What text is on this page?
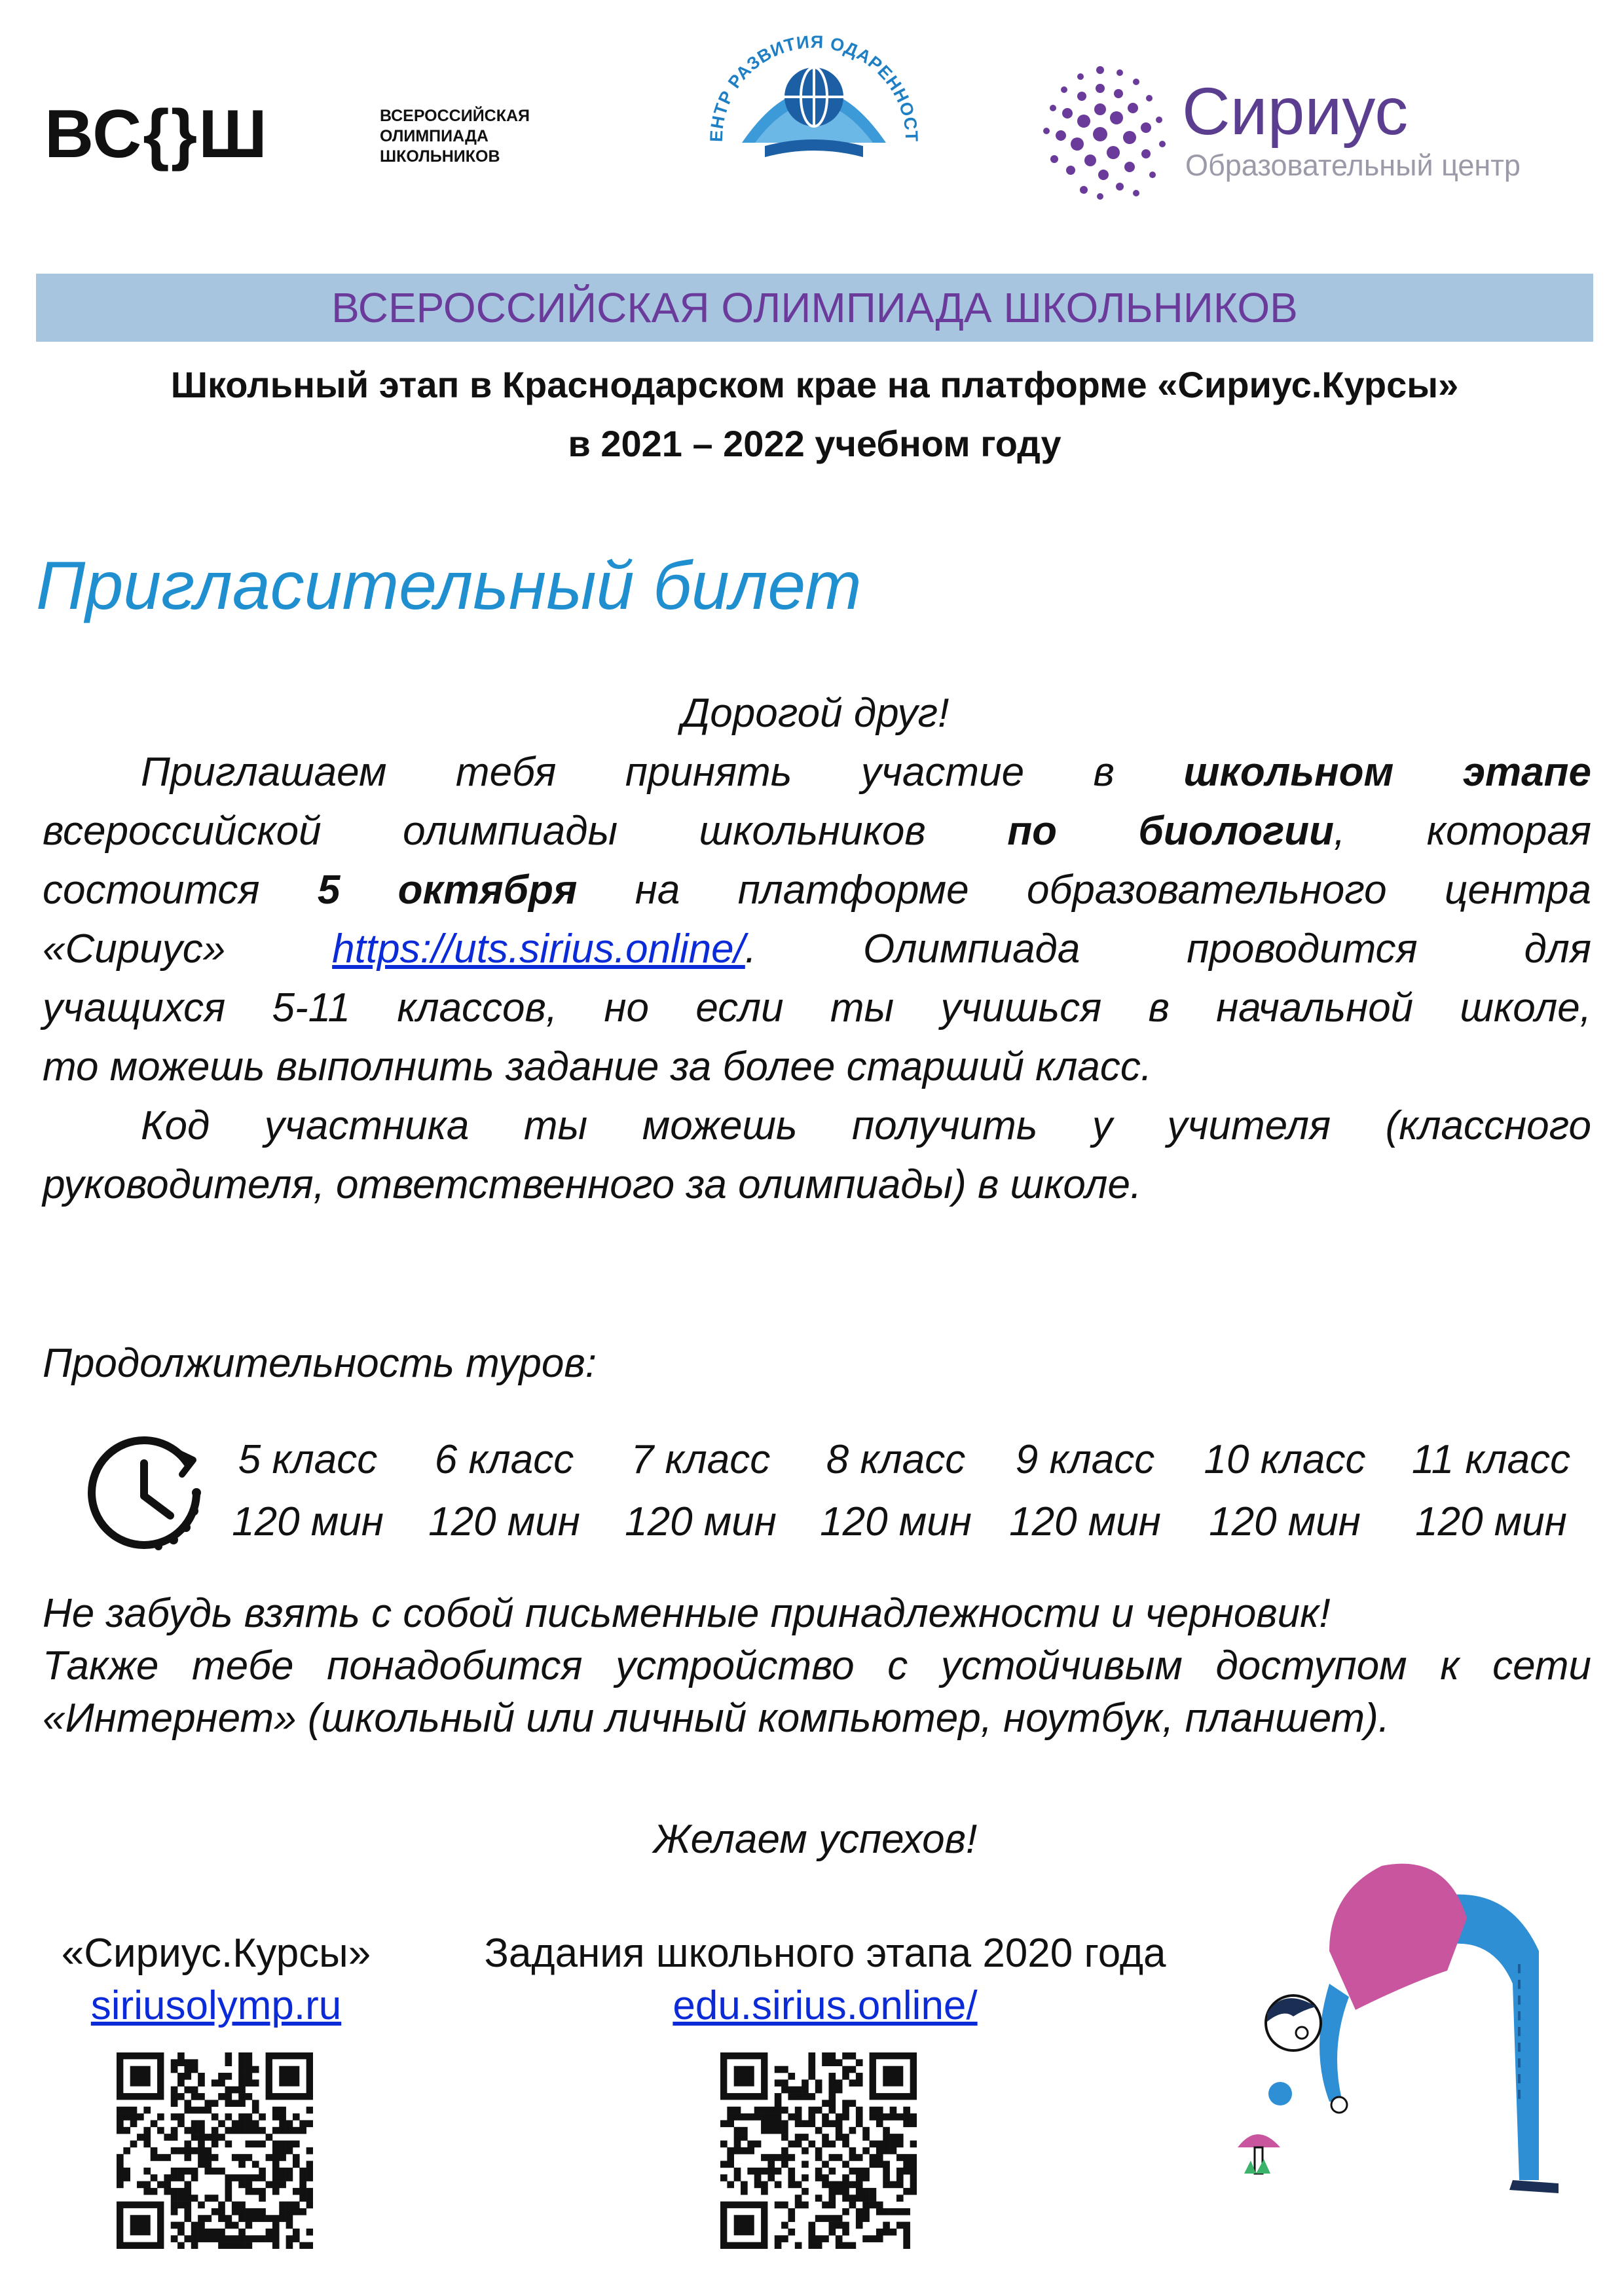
ВС{}Ш	ВСЕРОССИЙСКАЯ
ОЛИМПИАДА
ШКОЛЬНИКОВ
ЕНТР РАЗВИТИЯ ОДАРЕННОСТ	Сириус
Образовательный центр
ВСЕРОССИЙСКАЯ ОЛИМПИАДА ШКОЛЬНИКОВ
Школьный этап в Краснодарском крае на платформе «Сириус.Курсы»
в 2021 – 2022 учебном году
Пригласительный билет
Дорогой друг!
Приглашаем тебя принять участие в школьном этапе
всероссийской олимпиады школьников по биологии, которая
состоится 5 октября на платформе образовательного центра
«Сириус» https://uts.sirius.online/. Олимпиада проводится для
учащихся 5-11 классов, но если ты учишься в начальной школе,
то можешь выполнить задание за более старший класс.
Код участника ты можешь получить у учителя (классного
руководителя, ответственного за олимпиады) в школе.
Продолжительность туров:
5 класс
120 мин
6 класс
120 мин
7 класс
120 мин
8 класс
120 мин
9 класс
120 мин
10 класс
120 мин
11 класс
120 мин
Не забудь взять с собой письменные принадлежности и черновик!
Также тебе понадобится устройство с устойчивым доступом к сети
«Интернет» (школьный или личный компьютер, ноутбук, планшет).
Желаем успехов!
«Сириус.Курсы»
siriusolymp.ru
Задания школьного этапа 2020 года
edu.sirius.online/
